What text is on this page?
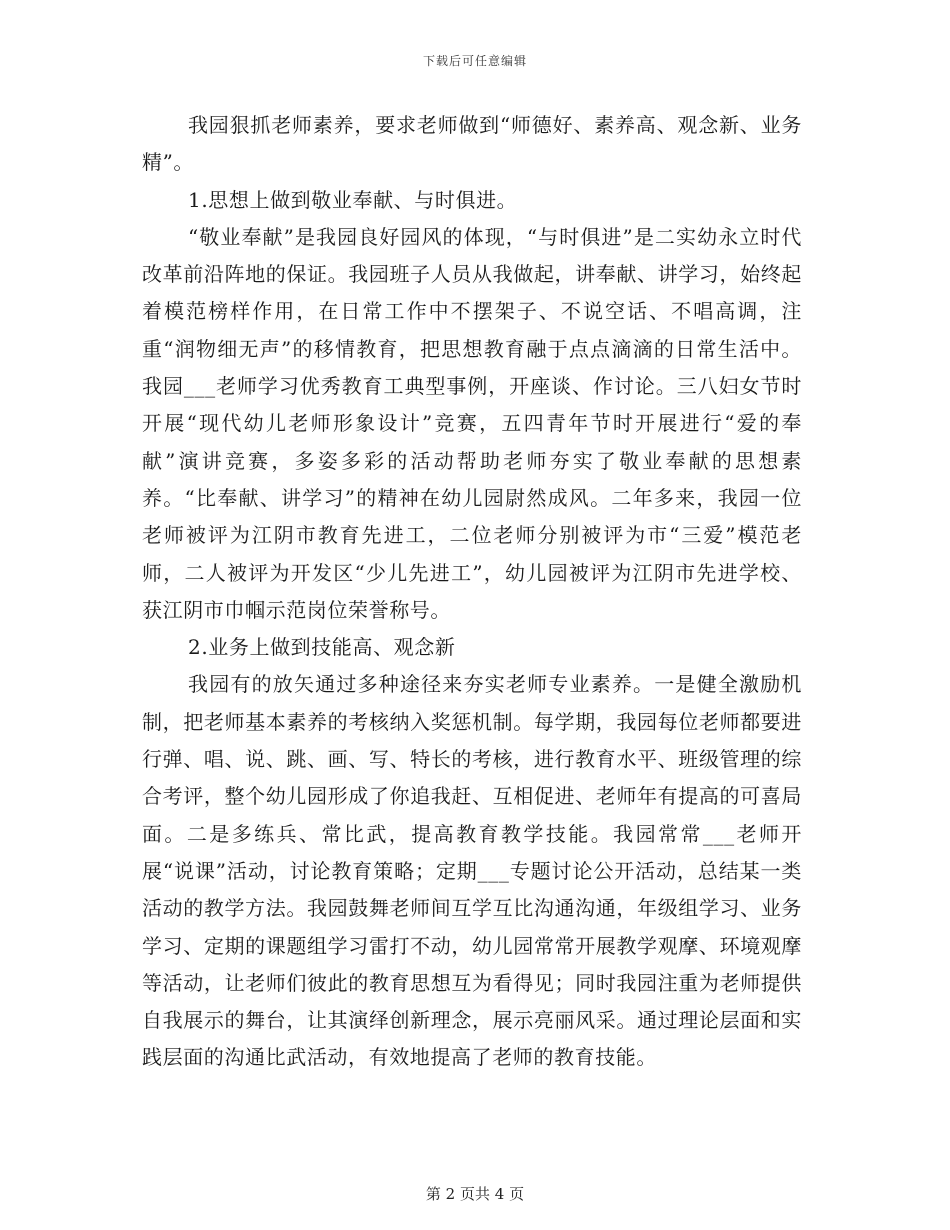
下载后可任意编辑

我园狠抓老师素养，要求老师做到“师德好、素养高、观念新、业务精”。

1.思想上做到敬业奉献、与时俱进。

“敬业奉献”是我园良好园风的体现，“与时俱进”是二实幼永立时代改革前沿阵地的保证。我园班子人员从我做起，讲奉献、讲学习，始终起着模范榜样作用，在日常工作中不摆架子、不说空话、不唱高调，注重“润物细无声”的移情教育，把思想教育融于点点滴滴的日常生活中。我园___老师学习优秀教育工典型事例，开座谈、作讨论。三八妇女节时开展“现代幼儿老师形象设计”竞赛，五四青年节时开展进行“爱的奉献”演讲竞赛，多姿多彩的活动帮助老师夯实了敬业奉献的思想素养。“比奉献、讲学习”的精神在幼儿园尉然成风。二年多来，我园一位老师被评为江阴市教育先进工，二位老师分别被评为市“三爱”模范老师，二人被评为开发区“少儿先进工”，幼儿园被评为江阴市先进学校、获江阴市巾帼示范岗位荣誉称号。

2.业务上做到技能高、观念新

我园有的放矢通过多种途径来夯实老师专业素养。一是健全激励机制，把老师基本素养的考核纳入奖惩机制。每学期，我园每位老师都要进行弹、唱、说、跳、画、写、特长的考核，进行教育水平、班级管理的综合考评，整个幼儿园形成了你追我赶、互相促进、老师年有提高的可喜局面。二是多练兵、常比武，提高教育教学技能。我园常常___老师开展“说课”活动，讨论教育策略；定期___专题讨论公开活动，总结某一类活动的教学方法。我园鼓舞老师间互学互比沟通沟通，年级组学习、业务学习、定期的课题组学习雷打不动，幼儿园常常开展教学观摩、环境观摩等活动，让老师们彼此的教育思想互为看得见；同时我园注重为老师提供自我展示的舞台，让其演绎创新理念，展示亮丽风采。通过理论层面和实践层面的沟通比武活动，有效地提高了老师的教育技能。

第 2 页共 4 页
